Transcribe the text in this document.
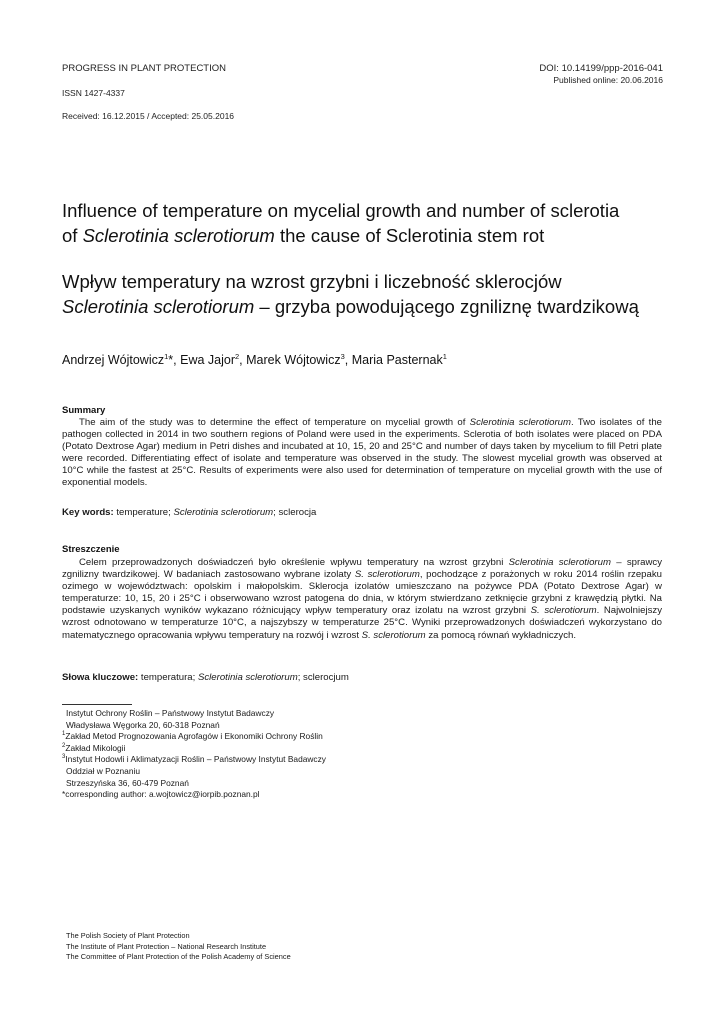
PROGRESS IN PLANT PROTECTION	DOI: 10.14199/ppp-2016-041
Published online: 20.06.2016
ISSN 1427-4337
Received: 16.12.2015 / Accepted: 25.05.2016
Influence of temperature on mycelial growth and number of sclerotia
of Sclerotinia sclerotiorum the cause of Sclerotinia stem rot
Wpływ temperatury na wzrost grzybni i liczebność sklerocjów
Sclerotinia sclerotiorum – grzyba powodującego zgniliznę twardzikową
Andrzej Wójtowicz$^1$*, Ewa Jajor$^2$, Marek Wójtowicz$^3$, Maria Pasternak$^1$
Summary
The aim of the study was to determine the effect of temperature on mycelial growth of Sclerotinia sclerotiorum. Two isolates of the pathogen collected in 2014 in two southern regions of Poland were used in the experiments. Sclerotia of both isolates were placed on PDA (Potato Dextrose Agar) medium in Petri dishes and incubated at 10, 15, 20 and 25°C and number of days taken by mycelium to fill Petri plate were recorded. Differentiating effect of isolate and temperature was observed in the study. The slowest mycelial growth was observed at 10°C while the fastest at 25°C. Results of experiments were also used for determination of temperature on mycelial growth with the use of exponential models.
Key words: temperature; Sclerotinia sclerotiorum; sclerocja
Streszczenie
Celem przeprowadzonych doświadczeń było określenie wpływu temperatury na wzrost grzybni Sclerotinia sclerotiorum – sprawcy zgnilizny twardzikowej. W badaniach zastosowano wybrane izolaty S. sclerotiorum, pochodzące z porażonych w roku 2014 roślin rzepaku ozimego w województwach: opolskim i małopolskim. Sklerocja izolatów umieszczano na pożywce PDA (Potato Dextrose Agar) w temperaturze: 10, 15, 20 i 25°C i obserwowano wzrost patogena do dnia, w którym stwierdzano zetknięcie grzybni z krawędzią płytki. Na podstawie uzyskanych wyników wykazano różnicujący wpływ temperatury oraz izolatu na wzrost grzybni S. sclerotiorum. Najwolniejszy wzrost odnotowano w temperaturze 10°C, a najszybszy w temperaturze 25°C. Wyniki przeprowadzonych doświadczeń wykorzystano do matematycznego opracowania wpływu temperatury na rozwój i wzrost S. sclerotiorum za pomocą równań wykładniczych.
Słowa kluczowe: temperatura; Sclerotinia sclerotiorum; sclerocjum
Instytut Ochrony Roślin – Państwowy Instytut Badawczy
Władysława Węgorka 20, 60-318 Poznań
$^1$Zakład Metod Prognozowania Agrofagów i Ekonomiki Ochrony Roślin
$^2$Zakład Mikologii
$^3$Instytut Hodowli i Aklimatyzacji Roślin – Państwowy Instytut Badawczy
Oddział w Poznaniu
Strzeszyńska 36, 60-479 Poznań
*corresponding author: a.wojtowicz@iorpib.poznan.pl
The Polish Society of Plant Protection
The Institute of Plant Protection – National Research Institute
The Committee of Plant Protection of the Polish Academy of Science
